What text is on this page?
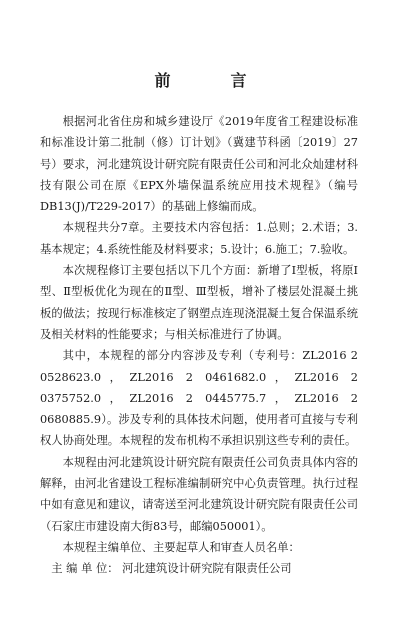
前　言

根据河北省住房和城乡建设厅《2019年度省工程建设标准和标准设计第二批制（修）订计划》（冀建节科函〔2019〕27号）要求，河北建筑设计研究院有限责任公司和河北众灿建材科技有限公司在原《EPX外墙保温系统应用技术规程》（编号DB13(J)/T229-2017）的基础上修编而成。

本规程共分7章。主要技术内容包括：1.总则；2.术语；3.基本规定；4.系统性能及材料要求；5.设计；6.施工；7.验收。

本次规程修订主要包括以下几个方面：新增了Ⅰ型板，将原Ⅰ型、Ⅱ型板优化为现在的Ⅱ型、Ⅲ型板，增补了楼层处混凝土挑板的做法；按现行标准核定了钢塑点连现浇混凝土复合保温系统及相关材料的性能要求；与相关标准进行了协调。

其中，本规程的部分内容涉及专利（专利号：ZL2016 2 0528623.0，ZL2016 2 0461682.0，ZL2016 2 0375752.0，ZL2016 2 0445775.7，ZL2016 2 0680885.9）。涉及专利的具体技术问题，使用者可直接与专利权人协商处理。本规程的发布机构不承担识别这些专利的责任。

本规程由河北建筑设计研究院有限责任公司负责具体内容的解释，由河北省建设工程标准编制研究中心负责管理。执行过程中如有意见和建议，请寄送至河北建筑设计研究院有限责任公司（石家庄市建设南大街83号，邮编050001）。

本规程主编单位、主要起草人和审查人员名单：

主 编 单 位： 河北建筑设计研究院有限责任公司
